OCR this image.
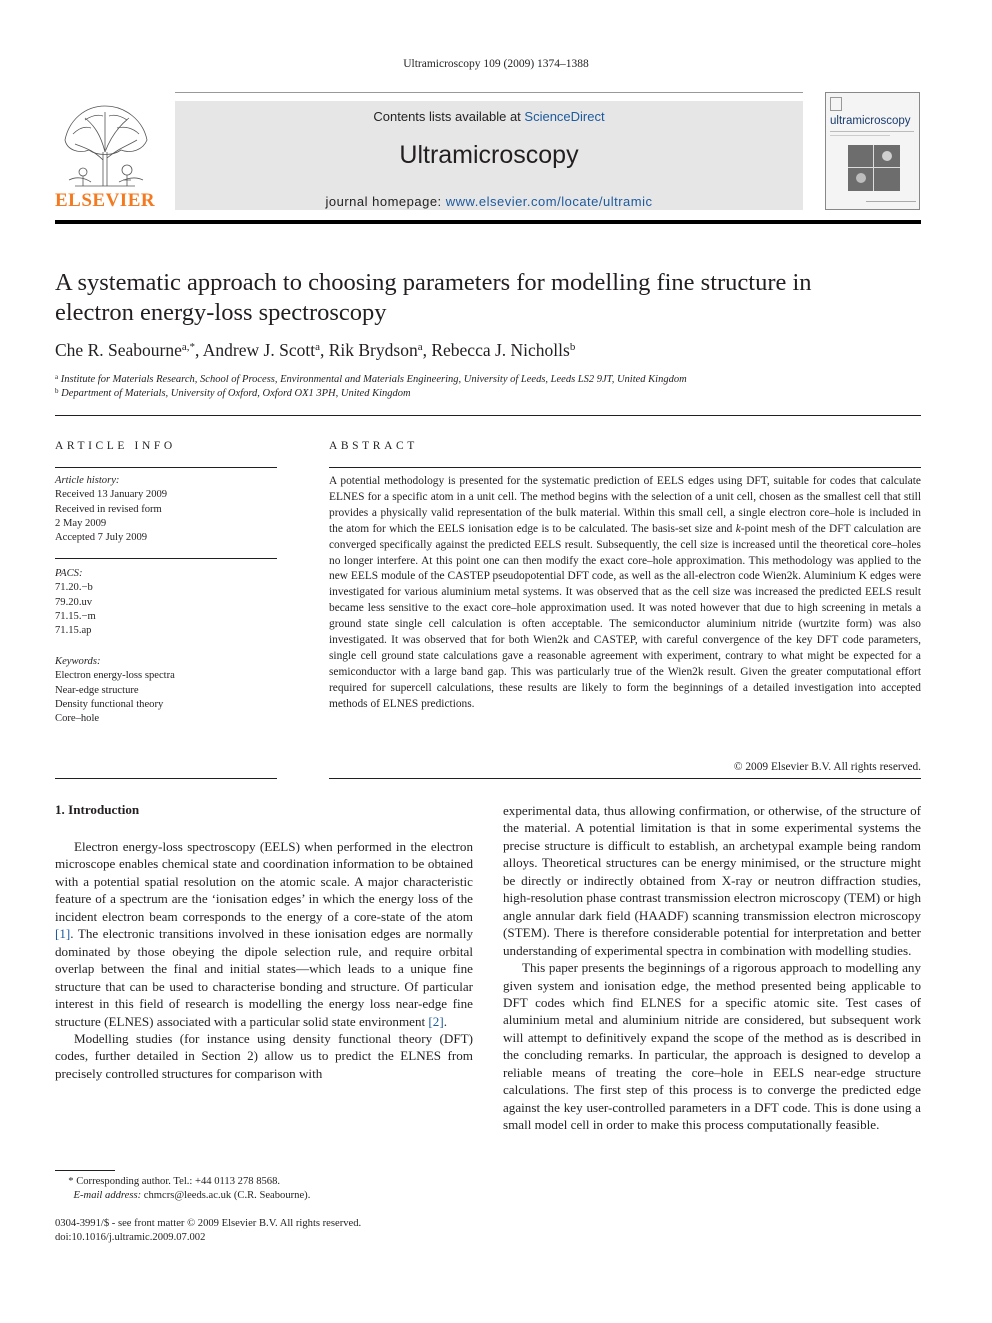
Ultramicroscopy 109 (2009) 1374–1388
ELSEVIER
Contents lists available at ScienceDirect
Ultramicroscopy
journal homepage: www.elsevier.com/locate/ultramic
ultramicroscopy
A systematic approach to choosing parameters for modelling fine structure in
electron energy-loss spectroscopy
Che R. Seabourne$^{a,*}$, Andrew J. Scott$^a$, Rik Brydson$^a$, Rebecca J. Nicholls$^b$
$^a$ Institute for Materials Research, School of Process, Environmental and Materials Engineering, University of Leeds, Leeds LS2 9JT, United Kingdom
$^b$ Department of Materials, University of Oxford, Oxford OX1 3PH, United Kingdom
ARTICLE INFO
Article history:
Received 13 January 2009
Received in revised form
2 May 2009
Accepted 7 July 2009
PACS:
71.20.−b
79.20.uv
71.15.−m
71.15.ap
Keywords:
Electron energy-loss spectra
Near-edge structure
Density functional theory
Core–hole
ABSTRACT
A potential methodology is presented for the systematic prediction of EELS edges using DFT, suitable for codes that calculate ELNES for a specific atom in a unit cell. The method begins with the selection of a unit cell, chosen as the smallest cell that still provides a physically valid representation of the bulk material. Within this small cell, a single electron core–hole is included in the atom for which the EELS ionisation edge is to be calculated. The basis-set size and k-point mesh of the DFT calculation are converged specifically against the predicted EELS result. Subsequently, the cell size is increased until the theoretical core–holes no longer interfere. At this point one can then modify the exact core–hole approximation. This methodology was applied to the new EELS module of the CASTEP pseudopotential DFT code, as well as the all-electron code Wien2k. Aluminium K edges were investigated for various aluminium metal systems. It was observed that as the cell size was increased the predicted EELS result became less sensitive to the exact core–hole approximation used. It was noted however that due to high screening in metals a ground state single cell calculation is often acceptable. The semiconductor aluminium nitride (wurtzite form) was also investigated. It was observed that for both Wien2k and CASTEP, with careful convergence of the key DFT code parameters, single cell ground state calculations gave a reasonable agreement with experiment, contrary to what might be expected for a semiconductor with a large band gap. This was particularly true of the Wien2k result. Given the greater computational effort required for supercell calculations, these results are likely to form the beginnings of a detailed investigation into accepted methods of ELNES predictions.
© 2009 Elsevier B.V. All rights reserved.
1. Introduction

Electron energy-loss spectroscopy (EELS) when performed in the electron microscope enables chemical state and coordination information to be obtained with a potential spatial resolution on the atomic scale. A major characteristic feature of a spectrum are the ‘ionisation edges’ in which the energy loss of the incident electron beam corresponds to the energy of a core-state of the atom [1]. The electronic transitions involved in these ionisation edges are normally dominated by those obeying the dipole selection rule, and require orbital overlap between the final and initial states—which leads to a unique fine structure that can be used to characterise bonding and structure. Of particular interest in this field of research is modelling the energy loss near-edge fine structure (ELNES) associated with a particular solid state environment [2].

Modelling studies (for instance using density functional theory (DFT) codes, further detailed in Section 2) allow us to predict the ELNES from precisely controlled structures for comparison with

experimental data, thus allowing confirmation, or otherwise, of the structure of the material. A potential limitation is that in some experimental systems the precise structure is difficult to establish, an archetypal example being random alloys. Theoretical structures can be energy minimised, or the structure might be directly or indirectly obtained from X-ray or neutron diffraction studies, high-resolution phase contrast transmission electron microscopy (TEM) or high angle annular dark field (HAADF) scanning transmission electron microscopy (STEM). There is therefore considerable potential for interpretation and better understanding of experimental spectra in combination with modelling studies.

This paper presents the beginnings of a rigorous approach to modelling any given system and ionisation edge, the method presented being applicable to DFT codes which find ELNES for a specific atomic site. Test cases of aluminium metal and aluminium nitride are considered, but subsequent work will attempt to definitively expand the scope of the method as is described in the concluding remarks. In particular, the approach is designed to develop a reliable means of treating the core–hole in EELS near-edge structure calculations. The first step of this process is to converge the predicted edge against the key user-controlled parameters in a DFT code. This is done using a small model cell in order to make this process computationally feasible.

* Corresponding author. Tel.: +44 0113 278 8568.
E-mail address: chmcrs@leeds.ac.uk (C.R. Seabourne).
0304-3991/$ - see front matter © 2009 Elsevier B.V. All rights reserved.
doi:10.1016/j.ultramic.2009.07.002
